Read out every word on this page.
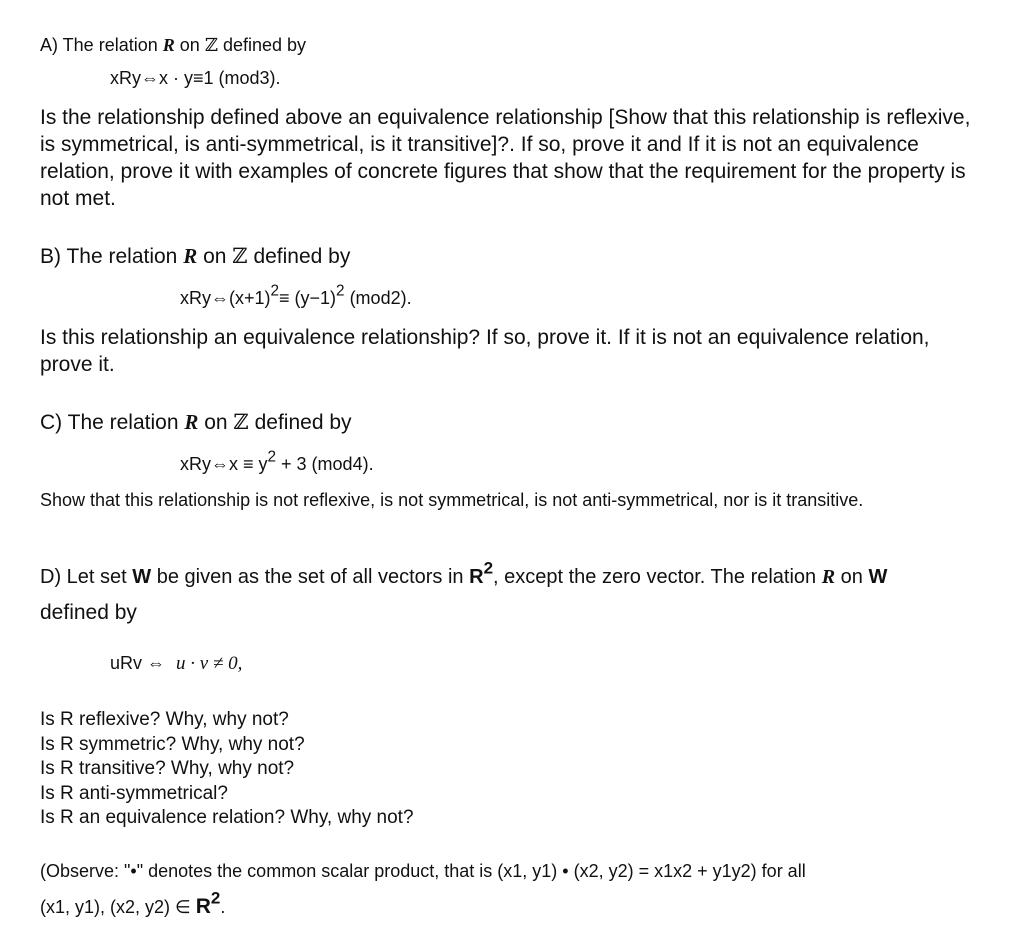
A) The relation R on ℤ defined by
xRy⇔x · y≡1 (mod3).
Is the relationship defined above an equivalence relationship [Show that this relationship is reflexive, is symmetrical, is anti-symmetrical, is it transitive]?. If so, prove it and If it is not an equivalence relation, prove it with examples of concrete figures that show that the requirement for the property is not met.
B) The relation R on ℤ defined by
$xRy\Leftrightarrow(x+1)^2\equiv (y-1)^2$ (mod2).
Is this relationship an equivalence relationship? If so, prove it. If it is not an equivalence relation, prove it.
C) The relation R on ℤ defined by
xRy⇔x ≡ $y^2 + 3$ (mod4).
Show that this relationship is not reflexive, is not symmetrical, is not anti-symmetrical, nor is it transitive.
D) Let set W be given as the set of all vectors in $R^2$, except the zero vector. The relation R on W
defined by
uRv ⇔ u · v ≠ 0,
Is R reflexive? Why, why not?
Is R symmetric? Why, why not?
Is R transitive? Why, why not?
Is R anti-symmetrical?
Is R an equivalence relation? Why, why not?
(Observe: "•" denotes the common scalar product, that is (x1, y1) • (x2, y2) = x1x2 + y1y2) for all
(x1, y1), (x2, y2) ∈ $R^2$.
